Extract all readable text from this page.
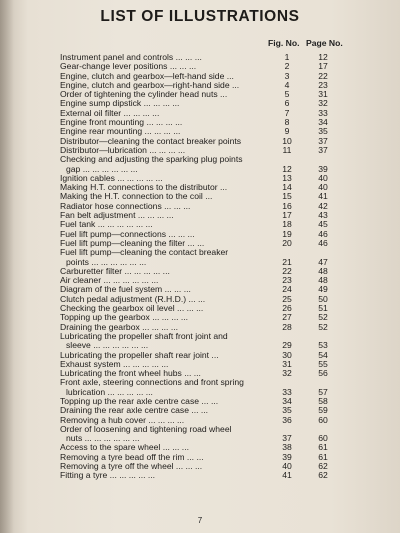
LIST OF ILLUSTRATIONS
Fig. No. Page No.
Instrument panel and controls ... ... ...	1	12
Gear-change lever positions ... ... ...	2	17
Engine, clutch and gearbox—left-hand side ...	3	22
Engine, clutch and gearbox—right-hand side ...	4	23
Order of tightening the cylinder head nuts ...	5	31
Engine sump dipstick ... ... ... ...	6	32
External oil filter ... ... ... ...	7	33
Engine front mounting ... ... ... ...	8	34
Engine rear mounting ... ... ... ...	9	35
Distributor—cleaning the contact breaker points	10	37
Distributor—lubrication ... ... ... ...	11	37
Checking and adjusting the sparking plug points
gap ... ... ... ... ... ...	12	39
Ignition cables ... ... ... ... ...	13	40
Making H.T. connections to the distributor ...	14	40
Making the H.T. connection to the coil ...	15	41
Radiator hose connections ... ... ...	16	42
Fan belt adjustment ... ... ... ...	17	43
Fuel tank ... ... ... ... ... ...	18	45
Fuel lift pump—connections ... ... ...	19	46
Fuel lift pump—cleaning the filter ... ...	20	46
Fuel lift pump—cleaning the contact breaker
points ... ... ... ... ... ...	21	47
Carburetter filter ... ... ... ... ...	22	48
Air cleaner ... ... ... ... ... ...	23	48
Diagram of the fuel system ... ... ...	24	49
Clutch pedal adjustment (R.H.D.) ... ...	25	50
Checking the gearbox oil level ... ... ...	26	51
Topping up the gearbox ... ... ... ...	27	52
Draining the gearbox ... ... ... ...	28	52
Lubricating the propeller shaft front joint and
sleeve ... ... ... ... ... ...	29	53
Lubricating the propeller shaft rear joint ...	30	54
Exhaust system ... ... ... ... ...	31	55
Lubricating the front wheel hubs ... ...	32	56
Front axle, steering connections and front spring
lubrication ... ... ... ... ...	33	57
Topping up the rear axle centre case ... ...	34	58
Draining the rear axle centre case ... ...	35	59
Removing a hub cover ... ... ... ...	36	60
Order of loosening and tightening road wheel
nuts ... ... ... ... ... ...	37	60
Access to the spare wheel ... ... ...	38	61
Removing a tyre bead off the rim ... ...	39	61
Removing a tyre off the wheel ... ... ...	40	62
Fitting a tyre ... ... ... ... ...	41	62
7
